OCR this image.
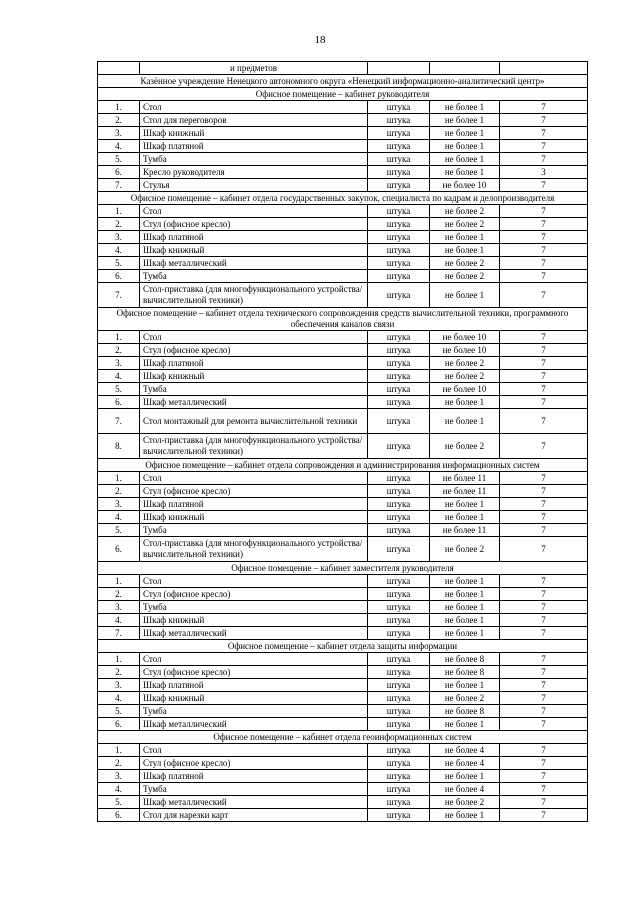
18
	и предметов			
Казённое учреждение Ненецкого автономного округа «Ненецкий информационно-аналитический центр»				
Офисное помещение – кабинет руководителя				
1.	Стол	штука	не более 1	7
2.	Стол для переговоров	штука	не более 1	7
3.	Шкаф книжный	штука	не более 1	7
4.	Шкаф платяной	штука	не более 1	7
5.	Тумба	штука	не более 1	7
6.	Кресло руководителя	штука	не более 1	3
7.	Стулья	штука	не более 10	7
Офисное помещение – кабинет отдела государственных закупок, специалиста по кадрам и делопроизводителя				
1.	Стол	штука	не более 2	7
2.	Стул (офисное кресло)	штука	не более 2	7
3.	Шкаф платяной	штука	не более 1	7
4.	Шкаф книжный	штука	не более 1	7
5.	Шкаф металлический	штука	не более 2	7
6.	Тумба	штука	не более 2	7
7.	Стол-приставка (для многофункционального устройства/вычислительной техники)	штука	не более 1	7
Офисное помещение – кабинет отдела технического сопровождения средств вычислительной техники, программного обеспечения каналов связи				
1.	Стол	штука	не более 10	7
2.	Стул (офисное кресло)	штука	не более 10	7
3.	Шкаф платяной	штука	не более 2	7
4.	Шкаф книжный	штука	не более 2	7
5.	Тумба	штука	не более 10	7
6.	Шкаф металлический	штука	не более 1	7
7.	Стол монтажный для ремонта вычислительной техники	штука	не более 1	7
8.	Стол-приставка (для многофункционального устройства/вычислительной техники)	штука	не более 2	7
Офисное помещение – кабинет отдела сопровождения и администрирования информационных систем				
1.	Стол	штука	не более 11	7
2.	Стул (офисное кресло)	штука	не более 11	7
3.	Шкаф платяной	штука	не более 1	7
4.	Шкаф книжный	штука	не более 1	7
5.	Тумба	штука	не более 11	7
6.	Стол-приставка (для многофункционального устройства/вычислительной техники)	штука	не более 2	7
Офисное помещение – кабинет заместителя руководителя				
1.	Стол	штука	не более 1	7
2.	Стул (офисное кресло)	штука	не более 1	7
3.	Тумба	штука	не более 1	7
4.	Шкаф книжный	штука	не более 1	7
7.	Шкаф металлический	штука	не более 1	7
Офисное помещение – кабинет отдела защиты информации				
1.	Стол	штука	не более 8	7
2.	Стул (офисное кресло)	штука	не более 8	7
3.	Шкаф платяной	штука	не более 1	7
4.	Шкаф книжный	штука	не более 2	7
5.	Тумба	штука	не более 8	7
6.	Шкаф металлический	штука	не более 1	7
Офисное помещение – кабинет отдела геоинформационных систем				
1.	Стол	штука	не более 4	7
2.	Стул (офисное кресло)	штука	не более 4	7
3.	Шкаф платяной	штука	не более 1	7
4.	Тумба	штука	не более 4	7
5.	Шкаф металлический	штука	не более 2	7
6.	Стол для нарезки карт	штука	не более 1	7
